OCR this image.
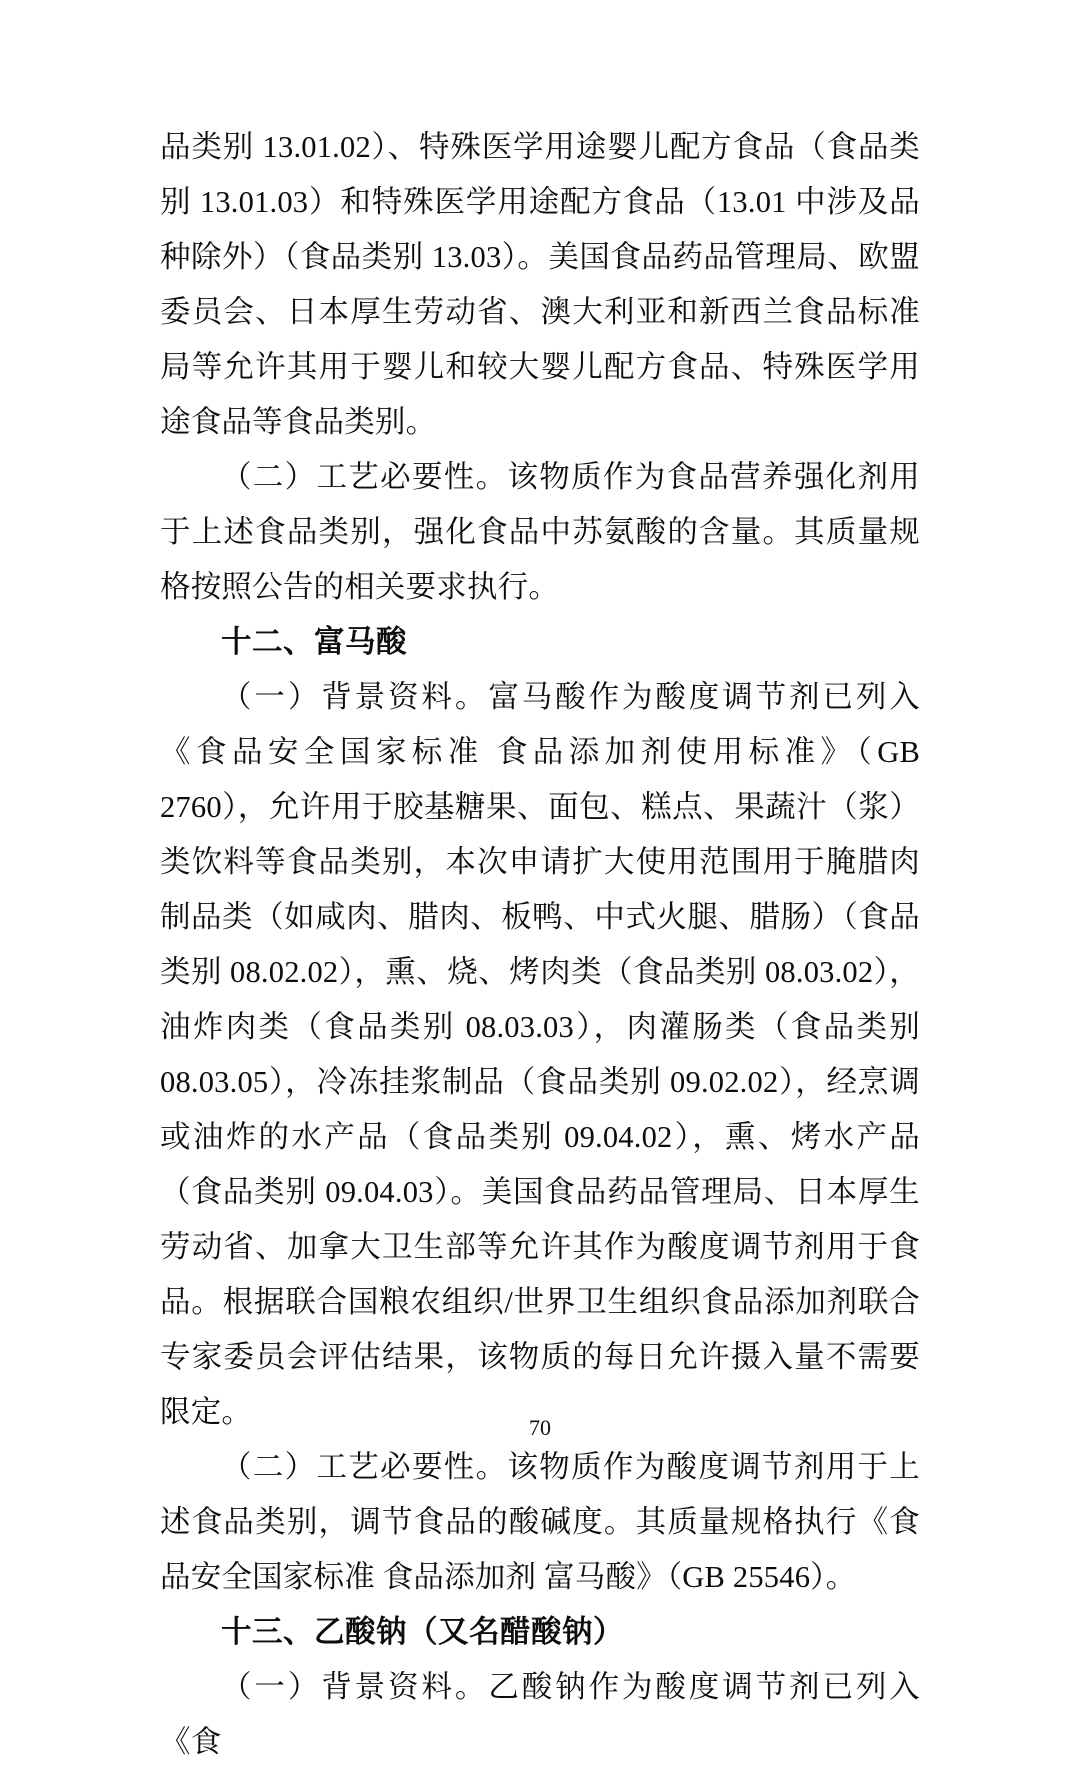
品类别 13.01.02）、特殊医学用途婴儿配方食品（食品类别 13.01.03）和特殊医学用途配方食品（13.01 中涉及品种除外）（食品类别 13.03）。美国食品药品管理局、欧盟委员会、日本厚生劳动省、澳大利亚和新西兰食品标准局等允许其用于婴儿和较大婴儿配方食品、特殊医学用途食品等食品类别。

（二）工艺必要性。该物质作为食品营养强化剂用于上述食品类别，强化食品中苏氨酸的含量。其质量规格按照公告的相关要求执行。

十二、富马酸

（一）背景资料。富马酸作为酸度调节剂已列入《食品安全国家标准 食品添加剂使用标准》（GB 2760），允许用于胶基糖果、面包、糕点、果蔬汁（浆）类饮料等食品类别，本次申请扩大使用范围用于腌腊肉制品类（如咸肉、腊肉、板鸭、中式火腿、腊肠）（食品类别 08.02.02），熏、烧、烤肉类（食品类别 08.03.02），油炸肉类（食品类别 08.03.03），肉灌肠类（食品类别 08.03.05），冷冻挂浆制品（食品类别 09.02.02），经烹调或油炸的水产品（食品类别 09.04.02），熏、烤水产品（食品类别 09.04.03）。美国食品药品管理局、日本厚生劳动省、加拿大卫生部等允许其作为酸度调节剂用于食品。根据联合国粮农组织/世界卫生组织食品添加剂联合专家委员会评估结果，该物质的每日允许摄入量不需要限定。

（二）工艺必要性。该物质作为酸度调节剂用于上述食品类别，调节食品的酸碱度。其质量规格执行《食品安全国家标准 食品添加剂 富马酸》（GB 25546）。

十三、乙酸钠（又名醋酸钠）

（一）背景资料。乙酸钠作为酸度调节剂已列入《食

70
